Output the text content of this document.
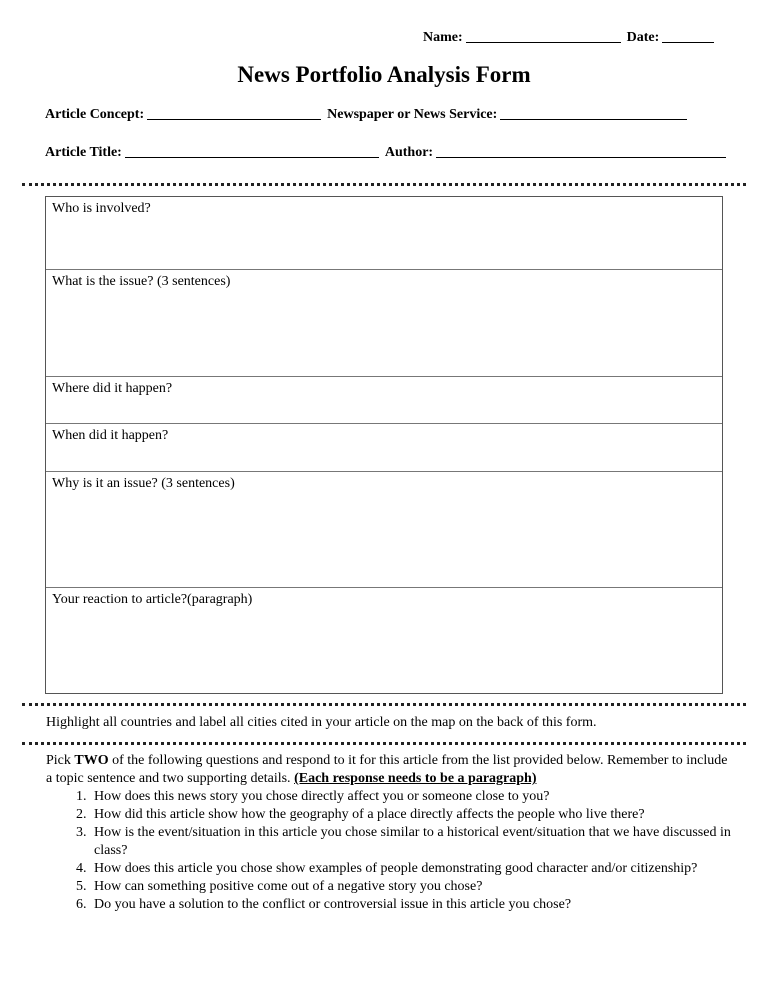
Name:	Date:
News Portfolio Analysis Form
Article Concept:	Newspaper or News Service:
Article Title:	Author:
Who is involved?
What is the issue? (3 sentences)
Where did it happen?
When did it happen?
Why is it an issue? (3 sentences)
Your reaction to article?(paragraph)
Highlight all countries and label all cities cited in your article on the map on the back of this form.
Pick TWO of the following questions and respond to it for this article from the list provided below. Remember to include a topic sentence and two supporting details. (Each response needs to be a paragraph)
1. How does this news story you chose directly affect you or someone close to you?
2. How did this article show how the geography of a place directly affects the people who live there?
3. How is the event/situation in this article you chose similar to a historical event/situation that we have discussed in class?
4. How does this article you chose show examples of people demonstrating good character and/or citizenship?
5. How can something positive come out of a negative story you chose?
6. Do you have a solution to the conflict or controversial issue in this article you chose?
